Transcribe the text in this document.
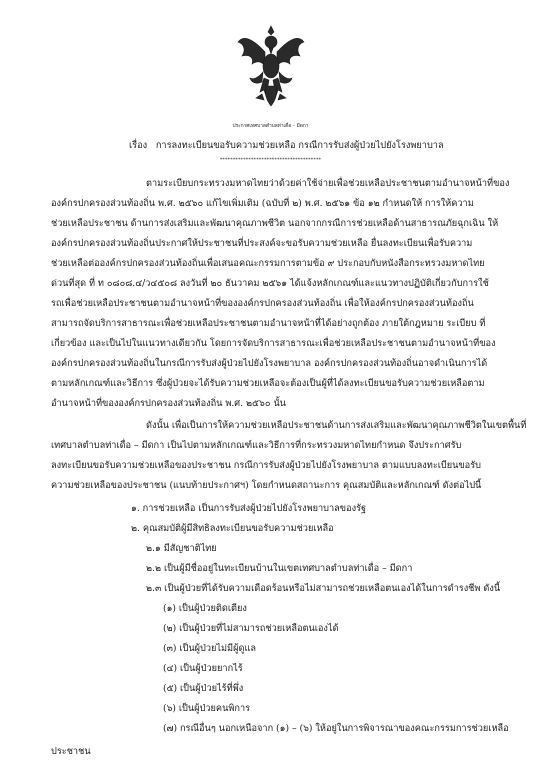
ประกาศเทศบาลตำบลท่าเดื่อ – มีดกา
เรื่อง การลงทะเบียนขอรับความช่วยเหลือ กรณีการรับส่งผู้ป่วยไปยังโรงพยาบาล
***************************************
ตามระเบียบกระทรวงมหาดไทยว่าด้วยค่าใช้จ่ายเพื่อช่วยเหลือประชาชนตามอำนาจหน้าที่ของ
องค์กรปกครองส่วนท้องถิ่น พ.ศ. ๒๕๖๐ แก้ไขเพิ่มเติม (ฉบับที่ ๒) พ.ศ. ๒๕๖๑ ข้อ ๑๒ กำหนดให้ การให้ความ
ช่วยเหลือประชาชน ด้านการส่งเสริมและพัฒนาคุณภาพชีวิต นอกจากกรณีการช่วยเหลือด้านสาธารณภัยฉุกเฉิน ให้
องค์กรปกครองส่วนท้องถิ่นประกาศให้ประชาชนที่ประสงค์จะขอรับความช่วยเหลือ ยื่นลงทะเบียนเพื่อรับความ
ช่วยเหลือต่อองค์กรปกครองส่วนท้องถิ่นเพื่อเสนอคณะกรรมการตามข้อ ๙ ประกอบกับหนังสือกระทรวงมหาดไทย
ด่วนที่สุด ที่ ท ๐๘๐๘.๔/ว๔๕๐๘ ลงวันที่ ๒๐ ธันวาคม ๒๕๖๑ ได้แจ้งหลักเกณฑ์และแนวทางปฏิบัติเกี่ยวกับการใช้
รถเพื่อช่วยเหลือประชาชนตามอำนาจหน้าที่ขององค์กรปกครองส่วนท้องถิ่น เพื่อให้องค์กรปกครองส่วนท้องถิ่น
สามารถจัดบริการสาธารณะเพื่อช่วยเหลือประชาชนตามอำนาจหน้าที่ได้อย่างถูกต้อง ภายใต้กฎหมาย ระเบียบ ที่
เกี่ยวข้อง และเป็นไปในแนวทางเดียวกัน โดยการจัดบริการสาธารณะเพื่อช่วยเหลือประชาชนตามอำนาจหน้าที่ของ
องค์กรปกครองส่วนท้องถิ่นในกรณีการรับส่งผู้ป่วยไปยังโรงพยาบาล องค์กรปกครองส่วนท้องถิ่นอาจดำเนินการได้
ตามหลักเกณฑ์และวิธีการ ซึ่งผู้ป่วยจะได้รับความช่วยเหลือจะต้องเป็นผู้ที่ได้ลงทะเบียนขอรับความช่วยเหลือตาม
อำนาจหน้าที่ขององค์กรปกครองส่วนท้องถิ่น พ.ศ. ๒๕๖๐ นั้น
ดังนั้น เพื่อเป็นการให้ความช่วยเหลือประชาชนด้านการส่งเสริมและพัฒนาคุณภาพชีวิตในเขตพื้นที่
เทศบาลตำบลท่าเดื่อ – มีดกา เป็นไปตามหลักเกณฑ์และวิธีการที่กระทรวงมหาดไทยกำหนด จึงประกาศรับ
ลงทะเบียนขอรับความช่วยเหลือของประชาชน กรณีการรับส่งผู้ป่วยไปยังโรงพยาบาล ตามแบบลงทะเบียนขอรับ
ความช่วยเหลือของประชาชน (แนบท้ายประกาศฯ) โดยกำหนดสถานะการ คุณสมบัติและหลักเกณฑ์ ดังต่อไปนี้
๑. การช่วยเหลือ เป็นการรับส่งผู้ป่วยไปยังโรงพยาบาลของรัฐ
๒. คุณสมบัติผู้มีสิทธิลงทะเบียนขอรับความช่วยเหลือ
๒.๑ มีสัญชาติไทย
๒.๒ เป็นผู้มีชื่ออยู่ในทะเบียนบ้านในเขตเทศบาลตำบลท่าเดื่อ – มีดกา
๒.๓ เป็นผู้ป่วยที่ได้รับความเดือดร้อนหรือไม่สามารถช่วยเหลือตนเองได้ในการดำรงชีพ ดังนี้
(๑) เป็นผู้ป่วยติดเตียง
(๒) เป็นผู้ป่วยที่ไม่สามารถช่วยเหลือตนเองได้
(๓) เป็นผู้ป่วยไม่มีผู้ดูแล
(๔) เป็นผู้ป่วยยากไร้
(๕) เป็นผู้ป่วยไร้ที่พึ่ง
(๖) เป็นผู้ป่วยคนพิการ
(๗) กรณีอื่นๆ นอกเหนือจาก (๑) – (๖) ให้อยู่ในการพิจารณาของคณะกรรมการช่วยเหลือ
ประชาชน
